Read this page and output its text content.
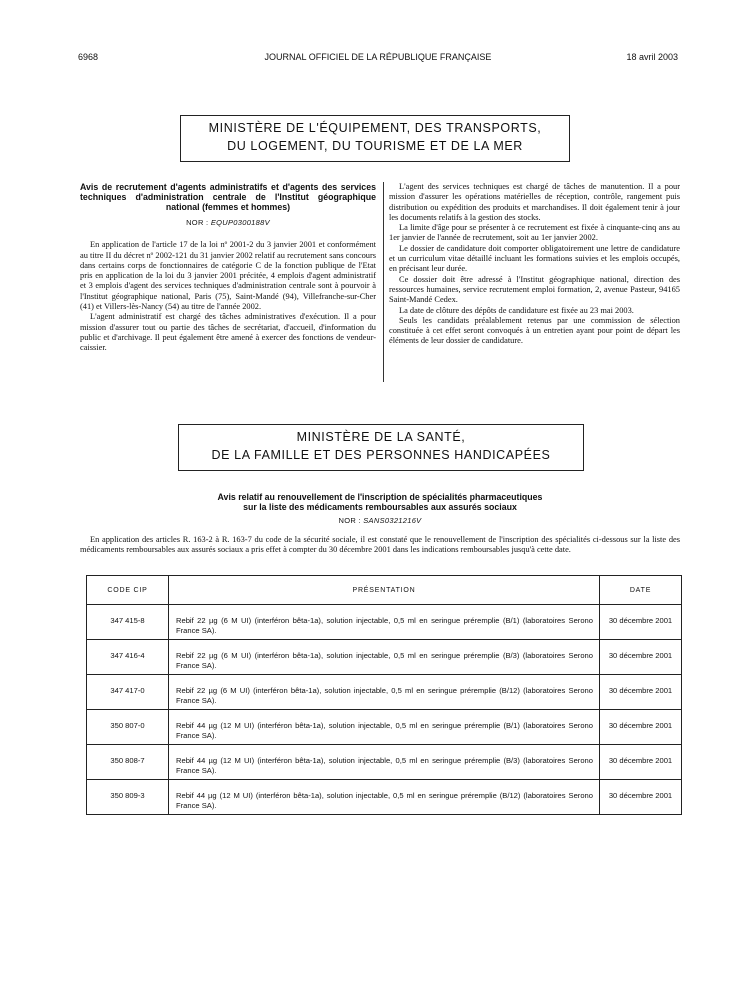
6968	JOURNAL OFFICIEL DE LA RÉPUBLIQUE FRANÇAISE	18 avril 2003
MINISTÈRE DE L'ÉQUIPEMENT, DES TRANSPORTS,
DU LOGEMENT, DU TOURISME ET DE LA MER
Avis de recrutement d'agents administratifs et d'agents des services techniques d'administration centrale de l'Institut géographique national (femmes et hommes)
NOR : EQUP0300188V

En application de l'article 17 de la loi nº 2001-2 du 3 janvier 2001 et conformément au titre II du décret nº 2002-121 du 31 janvier 2002 relatif au recrutement sans concours dans certains corps de fonctionnaires de catégorie C de la fonction publique de l'Etat pris en application de la loi du 3 janvier 2001 précitée, 4 emplois d'agent administratif et 3 emplois d'agent des services techniques d'administration centrale sont à pourvoir à l'Institut géographique national, Paris (75), Saint-Mandé (94), Villefranche-sur-Cher (41) et Villers-lès-Nancy (54) au titre de l'année 2002.

L'agent administratif est chargé des tâches administratives d'exécution. Il a pour mission d'assurer tout ou partie des tâches de secrétariat, d'accueil, d'information du public et d'archivage. Il peut également être amené à exercer des fonctions de vendeur-caissier.

L'agent des services techniques est chargé de tâches de manutention. Il a pour mission d'assurer les opérations matérielles de réception, contrôle, rangement puis distribution ou expédition des produits et marchandises. Il doit également tenir à jour les documents relatifs à la gestion des stocks.

La limite d'âge pour se présenter à ce recrutement est fixée à cinquante-cinq ans au 1er janvier de l'année de recrutement, soit au 1er janvier 2002.

Le dossier de candidature doit comporter obligatoirement une lettre de candidature et un curriculum vitae détaillé incluant les formations suivies et les emplois occupés, en précisant leur durée.

Ce dossier doit être adressé à l'Institut géographique national, direction des ressources humaines, service recrutement emploi formation, 2, avenue Pasteur, 94165 Saint-Mandé Cedex.

La date de clôture des dépôts de candidature est fixée au 23 mai 2003.

Seuls les candidats préalablement retenus par une commission de sélection constituée à cet effet seront convoqués à un entretien ayant pour point de départ les éléments de leur dossier de candidature.

MINISTÈRE DE LA SANTÉ,
DE LA FAMILLE ET DES PERSONNES HANDICAPÉES
Avis relatif au renouvellement de l'inscription de spécialités pharmaceutiques
sur la liste des médicaments remboursables aux assurés sociaux
NOR : SANS0321216V

En application des articles R. 163-2 à R. 163-7 du code de la sécurité sociale, il est constaté que le renouvellement de l'inscription des spécialités ci-dessous sur la liste des médicaments remboursables aux assurés sociaux a pris effet à compter du 30 décembre 2001 dans les indications remboursables jusqu'à cette date.

CODE CIP	PRÉSENTATION	DATE
347 415-8	Rebif 22 µg (6 M UI) (interféron bêta-1a), solution injectable, 0,5 ml en seringue préremplie (B/1) (laboratoires Serono France SA).	30 décembre 2001
347 416-4	Rebif 22 µg (6 M UI) (interféron bêta-1a), solution injectable, 0,5 ml en seringue préremplie (B/3) (laboratoires Serono France SA).	30 décembre 2001
347 417-0	Rebif 22 µg (6 M UI) (interféron bêta-1a), solution injectable, 0,5 ml en seringue préremplie (B/12) (laboratoires Serono France SA).	30 décembre 2001
350 807-0	Rebif 44 µg (12 M UI) (interféron bêta-1a), solution injectable, 0,5 ml en seringue préremplie (B/1) (laboratoires Serono France SA).	30 décembre 2001
350 808-7	Rebif 44 µg (12 M UI) (interféron bêta-1a), solution injectable, 0,5 ml en seringue préremplie (B/3) (laboratoires Serono France SA).	30 décembre 2001
350 809-3	Rebif 44 µg (12 M UI) (interféron bêta-1a), solution injectable, 0,5 ml en seringue préremplie (B/12) (laboratoires Serono France SA).	30 décembre 2001
